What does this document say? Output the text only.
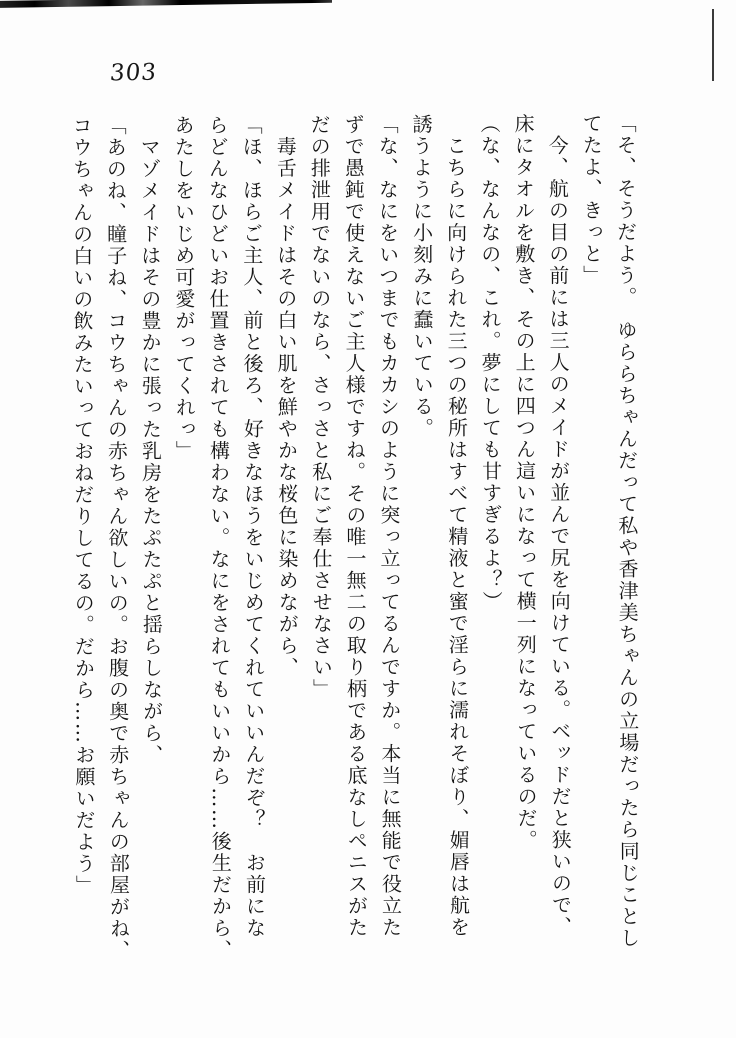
303
「そ、そうだよう。　ゆららちゃんだって私や香津美ちゃんの立場だったら同じことし
てたよ、きっと」
　今、航の目の前には三人のメイドが並んで尻を向けている。ベッドだと狭いので、
床にタオルを敷き、その上に四つん這いになって横一列になっているのだ。
（な、なんなの、これ。夢にしても甘すぎるよ？）
　こちらに向けられた三つの秘所はすべて精液と蜜で淫らに濡れそぼり、媚唇は航を
誘うように小刻みに蠢いている。
「な、なにをいつまでもカカシのように突っ立ってるんですか。本当に無能で役立た
ずで愚鈍で使えないご主人様ですね。その唯一無二の取り柄である底なしペニスがた
だの排泄用でないのなら、さっさと私にご奉仕させなさい」
　毒舌メイドはその白い肌を鮮やかな桜色に染めながら、
「ほ、ほらご主人、前と後ろ、好きなほうをいじめてくれていいんだぞ？　お前にな
らどんなひどいお仕置きされても構わない。なにをされてもいいから……後生だから、
あたしをいじめ可愛がってくれっ」
　マゾメイドはその豊かに張った乳房をたぷたぷと揺らしながら、
「あのね、瞳子ね、コウちゃんの赤ちゃん欲しいの。お腹の奥で赤ちゃんの部屋がね、
コウちゃんの白いの飲みたいっておねだりしてるの。だから……お願いだよう」
